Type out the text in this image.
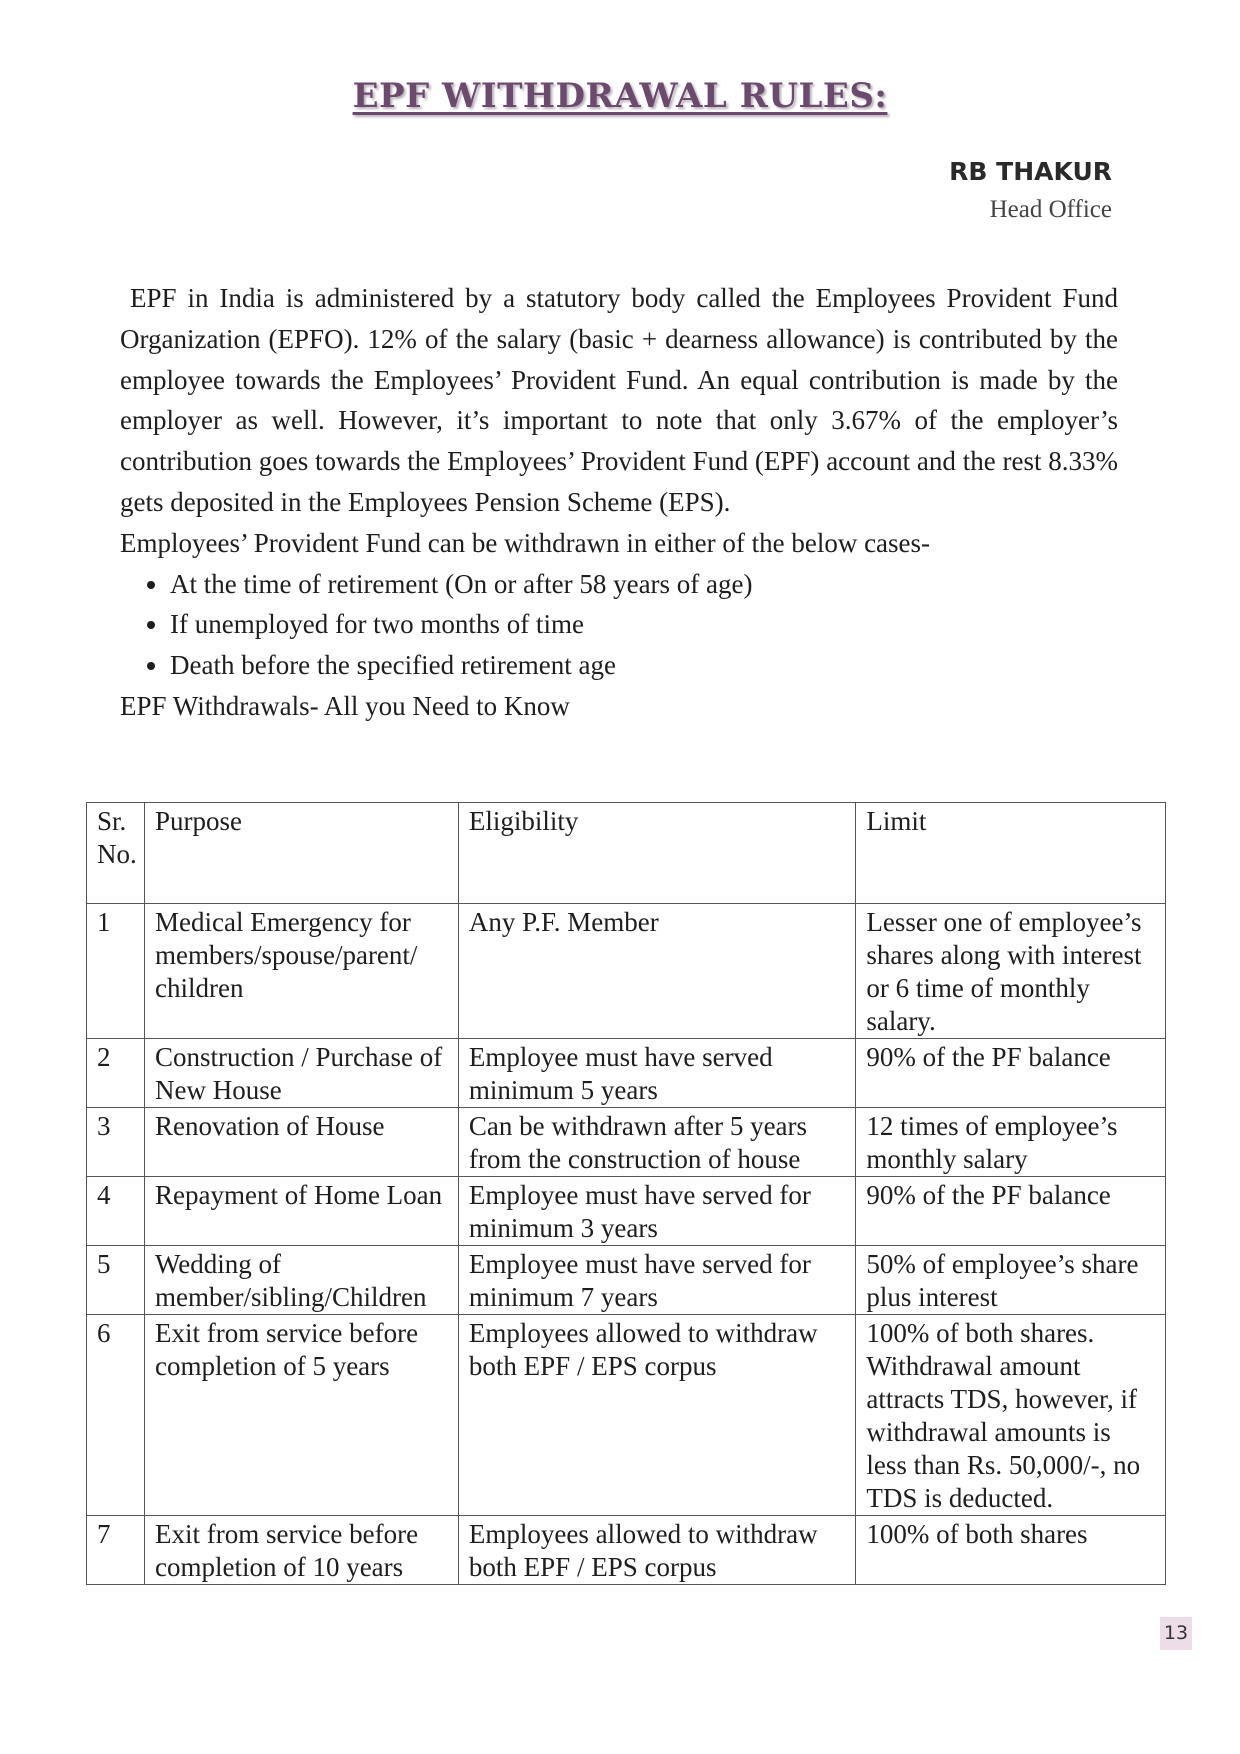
EPF WITHDRAWAL RULES:
RB THAKUR
Head Office

EPF in India is administered by a statutory body called the Employees Provident Fund Organization (EPFO). 12% of the salary (basic + dearness allowance) is contributed by the employee towards the Employees’ Provident Fund. An equal contribution is made by the employer as well. However, it’s important to note that only 3.67% of the employer’s contribution goes towards the Employees’ Provident Fund (EPF) account and the rest 8.33% gets deposited in the Employees Pension Scheme (EPS).

Employees’ Provident Fund can be withdrawn in either of the below cases-

• At the time of retirement (On or after 58 years of age)
• If unemployed for two months of time
• Death before the specified retirement age

EPF Withdrawals- All you Need to Know

Sr. No.	Purpose	Eligibility	Limit
1	Medical Emergency for members/spouse/parent/ children	Any P.F. Member	Lesser one of employee’s shares along with interest or 6 time of monthly salary.
2	Construction / Purchase of New House	Employee must have served minimum 5 years	90% of the PF balance
3	Renovation of House	Can be withdrawn after 5 years from the construction of house	12 times of employee’s monthly salary
4	Repayment of Home Loan	Employee must have served for minimum 3 years	90% of the PF balance
5	Wedding of member/sibling/Children	Employee must have served for minimum 7 years	50% of employee’s share plus interest
6	Exit from service before completion of 5 years	Employees allowed to withdraw both EPF / EPS corpus	100% of both shares. Withdrawal amount attracts TDS, however, if withdrawal amounts is less than Rs. 50,000/-, no TDS is deducted.
7	Exit from service before completion of 10 years	Employees allowed to withdraw both EPF / EPS corpus	100% of both shares
13
